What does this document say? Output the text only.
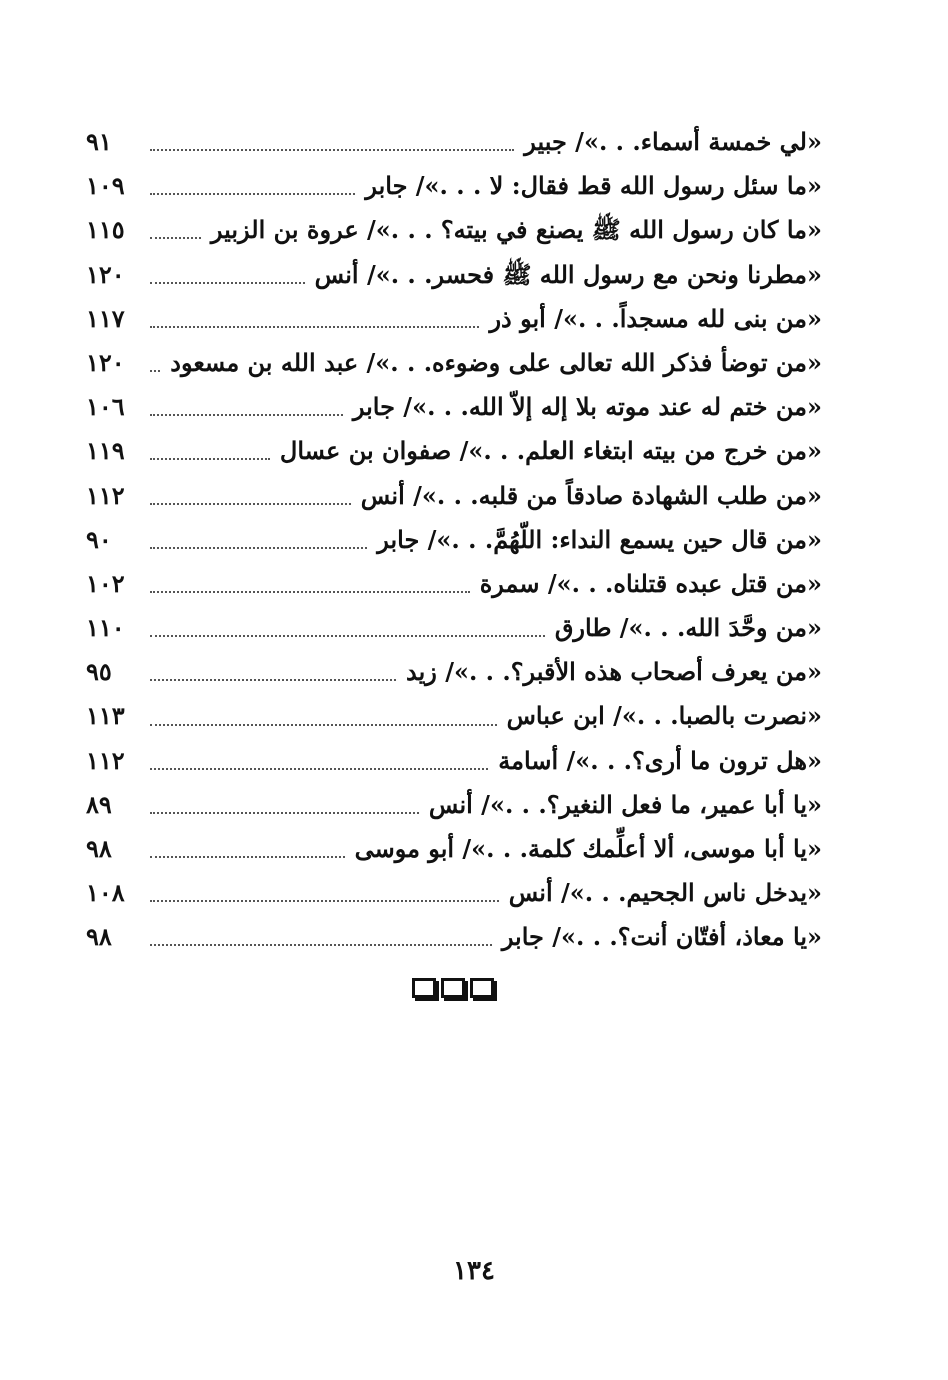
«لي خمسة أسماء. . .»/ جبير
٩١
«ما سئل رسول الله قط فقال: لا . . .»/ جابر
١٠٩
«ما كان رسول الله ﷺ يصنع في بيته؟ . . .»/ عروة بن الزبير
١١٥
«مطرنا ونحن مع رسول الله ﷺ فحسر. . .»/ أنس
١٢٠
«من بنى لله مسجداً. . .»/ أبو ذر
١١٧
«من توضأ فذكر الله تعالى على وضوءه. . .»/ عبد الله بن مسعود
١٢٠
«من ختم له عند موته بلا إله إلاّ الله. . .»/ جابر
١٠٦
«من خرج من بيته ابتغاء العلم. . .»/ صفوان بن عسال
١١٩
«من طلب الشهادة صادقاً من قلبه. . .»/ أنس
١١٢
«من قال حين يسمع النداء: اللّهُمَّ. . .»/ جابر
٩٠
«من قتل عبده قتلناه. . .»/ سمرة
١٠٢
«من وحَّدَ الله. . .»/ طارق
١١٠
«من يعرف أصحاب هذه الأقبر؟. . .»/ زيد
٩٥
«نصرت بالصبا. . .»/ ابن عباس
١١٣
«هل ترون ما أرى؟. . .»/ أسامة
١١٢
«يا أبا عمير، ما فعل النغير؟. . .»/ أنس
٨٩
«يا أبا موسى، ألا أعلِّمك كلمة. . .»/ أبو موسى
٩٨
«يدخل ناس الجحيم. . .»/ أنس
١٠٨
«يا معاذ، أفتّان أنت؟. . .»/ جابر
٩٨
١٣٤
